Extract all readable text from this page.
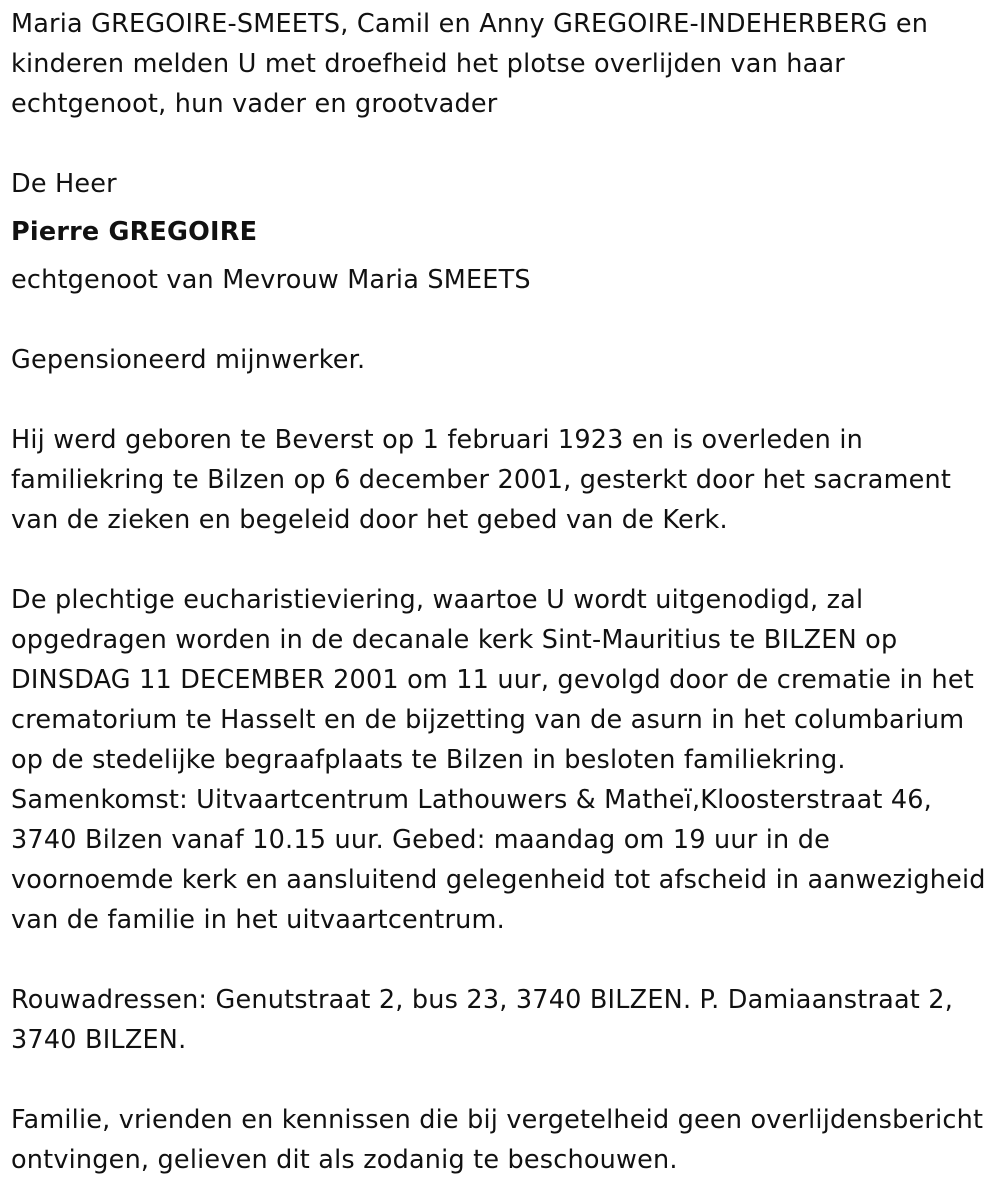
Maria GREGOIRE-SMEETS, Camil en Anny GREGOIRE-INDEHERBERG en kinderen melden U met droefheid het plotse overlijden van haar echtgenoot, hun vader en grootvader

De Heer

Pierre GREGOIRE

echtgenoot van Mevrouw Maria SMEETS

Gepensioneerd mijnwerker.

Hij werd geboren te Beverst op 1 februari 1923 en is overleden in familiekring te Bilzen op 6 december 2001, gesterkt door het sacrament van de zieken en begeleid door het gebed van de Kerk.

De plechtige eucharistieviering, waartoe U wordt uitgenodigd, zal opgedragen worden in de decanale kerk Sint-Mauritius te BILZEN op DINSDAG 11 DECEMBER 2001 om 11 uur, gevolgd door de crematie in het crematorium te Hasselt en de bijzetting van de asurn in het columbarium op de stedelijke begraafplaats te Bilzen in besloten familiekring. Samenkomst: Uitvaartcentrum Lathouwers & Matheï,Kloosterstraat 46, 3740 Bilzen vanaf 10.15 uur. Gebed: maandag om 19 uur in de voornoemde kerk en aansluitend gelegenheid tot afscheid in aanwezigheid van de familie in het uitvaartcentrum.

Rouwadressen: Genutstraat 2, bus 23, 3740 BILZEN. P. Damiaanstraat 2, 3740 BILZEN.

Familie, vrienden en kennissen die bij vergetelheid geen overlijdensbericht ontvingen, gelieven dit als zodanig te beschouwen.
